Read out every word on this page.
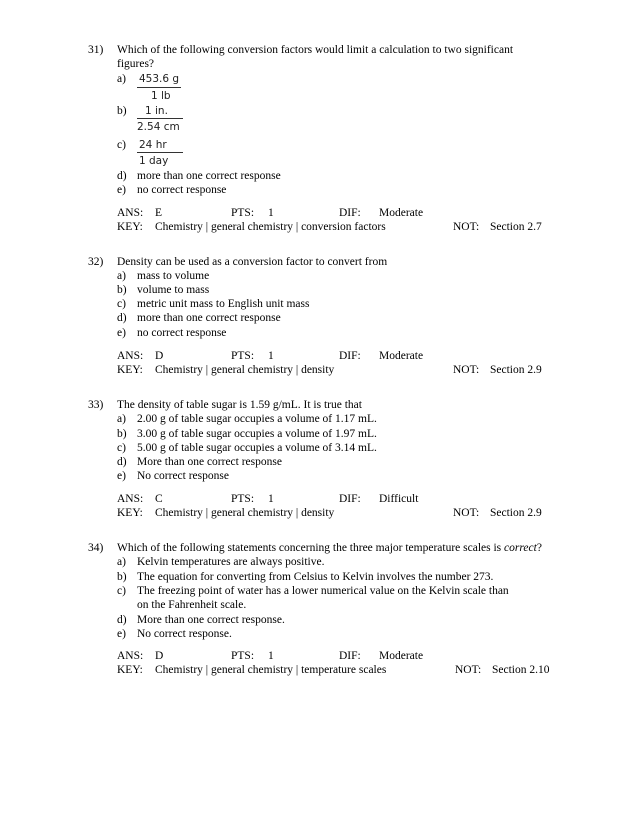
31) Which of the following conversion factors would limit a calculation to two significant
figures?
a) 453.6 g
1 lb
b) 1 in.
2.54 cm
c) 24 hr
1 day
d) more than one correct response
e) no correct response
ANS: E	PTS: 1	DIF: Moderate
KEY: Chemistry | general chemistry | conversion factors	NOT: Section 2.7
32) Density can be used as a conversion factor to convert from
a) mass to volume
b) volume to mass
c) metric unit mass to English unit mass
d) more than one correct response
e) no correct response
ANS: D	PTS: 1	DIF: Moderate
KEY: Chemistry | general chemistry | density	NOT: Section 2.9
33) The density of table sugar is 1.59 g/mL. It is true that
a) 2.00 g of table sugar occupies a volume of 1.17 mL.
b) 3.00 g of table sugar occupies a volume of 1.97 mL.
c) 5.00 g of table sugar occupies a volume of 3.14 mL.
d) More than one correct response
e) No correct response
ANS: C	PTS: 1	DIF: Difficult
KEY: Chemistry | general chemistry | density	NOT: Section 2.9
34) Which of the following statements concerning the three major temperature scales is correct?
a) Kelvin temperatures are always positive.
b) The equation for converting from Celsius to Kelvin involves the number 273.
c) The freezing point of water has a lower numerical value on the Kelvin scale than
on the Fahrenheit scale.
d) More than one correct response.
e) No correct response.
ANS: D	PTS: 1	DIF: Moderate
KEY: Chemistry | general chemistry | temperature scales	NOT: Section 2.10
